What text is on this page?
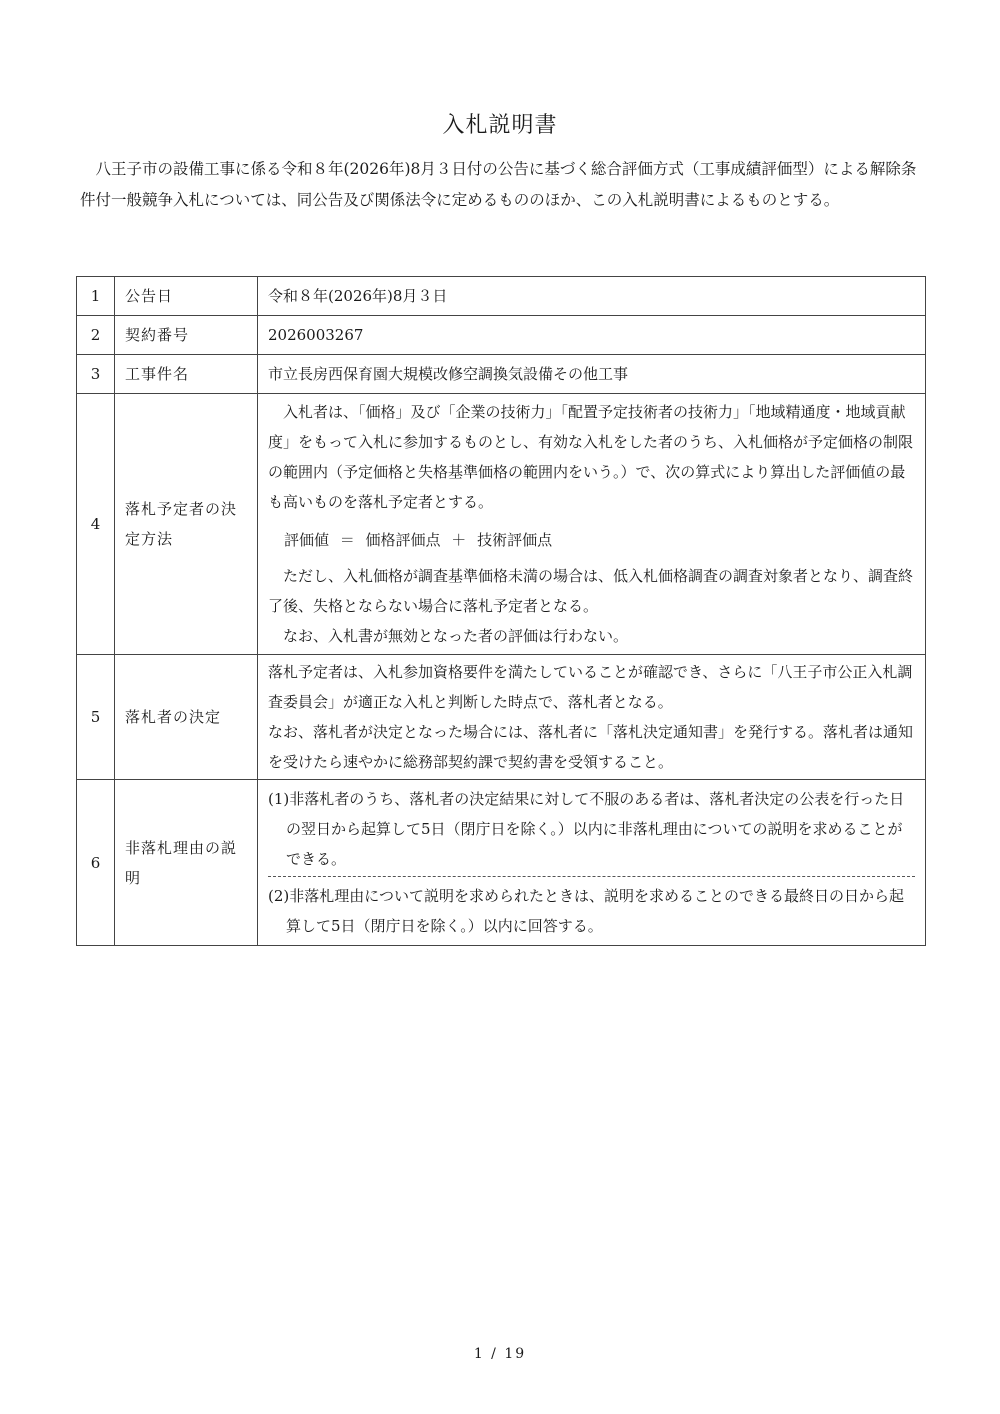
入札説明書
八王子市の設備工事に係る令和８年(2026年)8月３日付の公告に基づく総合評価方式（工事成績評価型）による解除条件付一般競争入札については、同公告及び関係法令に定めるもののほか、この入札説明書によるものとする。
1	公告日	令和８年(2026年)8月３日
2	契約番号	2026003267
3	工事件名	市立長房西保育園大規模改修空調換気設備その他工事
4	落札予定者の決定方法	入札者は、「価格」及び「企業の技術力」「配置予定技術者の技術力」「地域精通度・地域貢献度」をもって入札に参加するものとし、有効な入札をした者のうち、入札価格が予定価格の制限の範囲内（予定価格と失格基準価格の範囲内をいう。）で、次の算式により算出した評価値の最も高いものを落札予定者とする。

評価値 ＝ 価格評価点 ＋ 技術評価点

ただし、入札価格が調査基準価格未満の場合は、低入札価格調査の調査対象者となり、調査終了後、失格とならない場合に落札予定者となる。

なお、入札書が無効となった者の評価は行わない。

5	落札者の決定	落札予定者は、入札参加資格要件を満たしていることが確認でき、さらに「八王子市公正入札調査委員会」が適正な入札と判断した時点で、落札者となる。

なお、落札者が決定となった場合には、落札者に「落札決定通知書」を発行する。落札者は通知を受けたら速やかに総務部契約課で契約書を受領すること。

6	非落札理由の説明	(1)非落札者のうち、落札者の決定結果に対して不服のある者は、落札者決定の公表を行った日の翌日から起算して5日（閉庁日を除く。）以内に非落札理由についての説明を求めることができる。
(2)非落札理由について説明を求められたときは、説明を求めることのできる最終日の日から起算して5日（閉庁日を除く。）以内に回答する。
1 / 19
